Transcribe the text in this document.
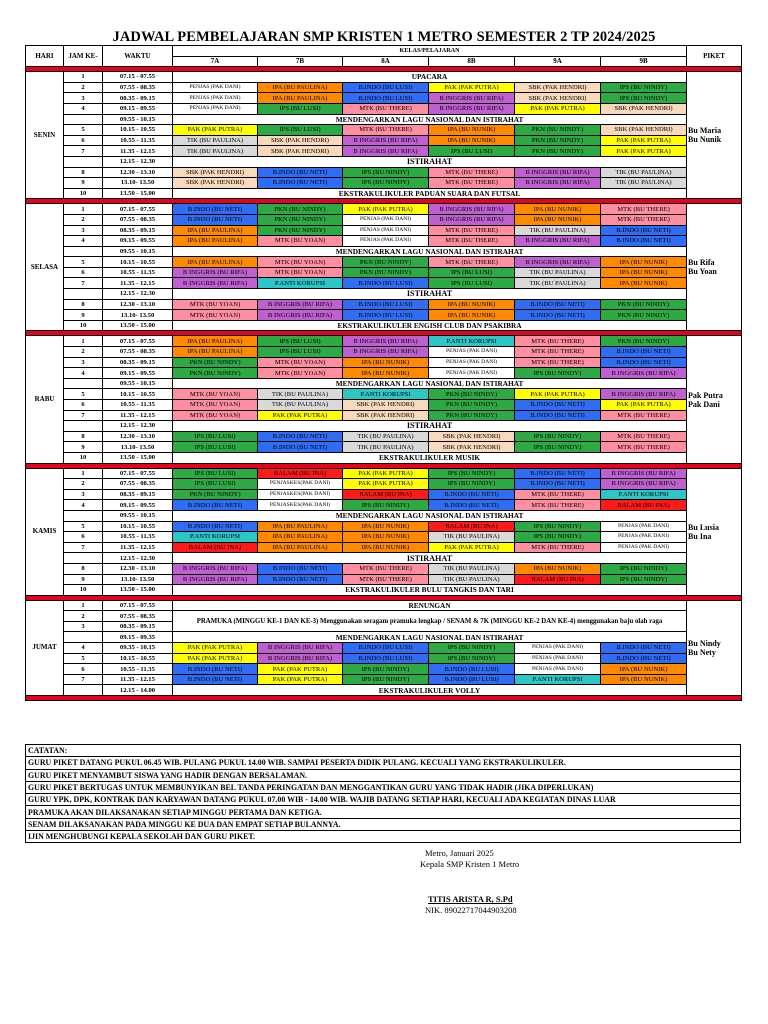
JADWAL PEMBELAJARAN SMP KRISTEN 1 METRO SEMESTER 2 TP 2024/2025
HARI	JAM KE-	WAKTU	KELAS/PELAJARAN						PIKET
			7A	7B	8A	8B	9A	9B	

SENIN	1	07.15 - 07.55	UPACARA						Bu Maria
Bu Nunik

	2	07.55 - 08.35	PENJAS (PAK DANI)	IPA (BU PAULINA)	B.INDO (BU LUSI)	PAK (PAK PUTRA)	SBK (PAK HENDRI)	IPS (BU NINDY)	
	3	08.35 - 09.15	PENJAS (PAK DANI)	IPA (BU PAULINA)	B.INDO (BU LUSI)	B INGGRIS (BU RIFA)	SBK (PAK HENDRI)	IPS (BU NINDY)	
	4	09.15 - 09.55	PENJAS (PAK DANI)	IPS (BU LUSI)	MTK (BU THERE)	B INGGRIS (BU RIFA)	PAK (PAK PUTRA)	SBK (PAK HENDRI)	
		09.55 - 10.15	MENDENGARKAN LAGU NASIONAL DAN ISTIRAHAT						
	5	10.15 - 10.55	PAK (PAK PUTRA)	IPS (BU LUSI)	MTK (BU THERE)	IPA (BU NUNIK)	PKN (BU NINDY)	SBK (PAK HENDRI)	
	6	10.55 - 11.35	TIK (BU PAULINA)	SBK (PAK HENDRI)	B INGGRIS (BU RIFA)	IPA (BU NUNIK)	PKN (BU NINDY)	PAK (PAK PUTRA)	
	7	11.35 - 12.15	TIK (BU PAULINA)	SBK (PAK HENDRI)	B INGGRIS (BU RIFA)	IPS (BU LUSI)	PKN (BU NINDY)	PAK (PAK PUTRA)	
		12.15 - 12.30	ISTIRAHAT						
	8	12.30 - 13.10	SBK (PAK HENDRI)	B.INDO (BU NETI)	IPS (BU NINDY)	MTK (BU THERE)	B INGGRIS (BU RIFA)	TIK (BU PAULINA)	
	9	13.10- 13.50	SBK (PAK HENDRI)	B.INDO (BU NETI)	IPS (BU NINDY)	MTK (BU THERE)	B INGGRIS (BU RIFA)	TIK (BU PAULINA)	
	10	13.50 - 15.00	EKSTRAKULIKULER PADUAN SUARA DAN FUTSAL						

SELASA	1	07.15 - 07.55	B.INDO (BU NETI)	PKN (BU NINDY)	PAK (PAK PUTRA)	B INGGRIS (BU RIFA)	IPA (BU NUNIK)	MTK (BU THERE)	Bu Rifa
Bu Yoan

	2	07.55 - 08.35	B.INDO (BU NETI)	PKN (BU NINDY)	PENJAS (PAK DANI)	B INGGRIS (BU RIFA)	IPA (BU NUNIK)	MTK (BU THERE)	
	3	08.35 - 09.15	IPA (BU PAULINA)	PKN (BU NINDY)	PENJAS (PAK DANI)	MTK (BU THERE)	TIK (BU PAULINA)	B.INDO (BU NETI)	
	4	09.15 - 09.55	IPA (BU PAULINA)	MTK (BU YOAN)	PENJAS (PAK DANI)	MTK (BU THERE)	B INGGRIS (BU RIFA)	B.INDO (BU NETI)	
		09.55 - 10.15	MENDENGARKAN LAGU NASIONAL DAN ISTIRAHAT						
	5	10.15 - 10.55	IPA (BU PAULINA)	MTK (BU YOAN)	PKN (BU NINDY)	MTK (BU THERE)	B INGGRIS (BU RIFA)	IPA (BU NUNIK)	
	6	10.55 - 11.35	B INGGRIS (BU RIFA)	MTK (BU YOAN)	PKN (BU NINDY)	IPS (BU LUSI)	TIK (BU PAULINA)	IPA (BU NUNIK)	
	7	11.35 - 12.15	B INGGRIS (BU RIFA)	P.ANTI KORUPSI	B.INDO (BU LUSI)	IPS (BU LUSI)	TIK (BU PAULINA)	IPA (BU NUNIK)	
		12.15 - 12.30	ISTIRAHAT						
	8	12.30 - 13.10	MTK (BU YOAN)	B INGGRIS (BU RIFA)	B.INDO (BU LUSI)	IPA (BU NUNIK)	B.INDO (BU NETI)	PKN (BU NINDY)	
	9	13.10- 13.50	MTK (BU YOAN)	B INGGRIS (BU RIFA)	B.INDO (BU LUSI)	IPA (BU NUNIK)	B.INDO (BU NETI)	PKN (BU NINDY)	
	10	13.50 - 15.00	EKSTRAKULIKULER ENGISH CLUB DAN PSAKIBRA						

RABU	1	07.15 - 07.55	IPA (BU PAULINA)	IPS (BU LUSI)	B INGGRIS (BU RIFA)	P.ANTI KORUPSI	MTK (BU THERE)	PKN (BU NINDY)	Pak Putra
Pak Dani

	2	07.55 - 08.35	IPA (BU PAULINA)	IPS (BU LUSI)	B INGGRIS (BU RIFA)	PENJAS (PAK DANI)	MTK (BU THERE)	B.INDO (BU NETI)	
	3	08.35 - 09.15	PKN (BU NINDY)	MTK (BU YOAN)	IPA (BU NUNIK)	PENJAS (PAK DANI)	MTK (BU THERE)	B.INDO (BU NETI)	
	4	09.15 - 09.55	PKN (BU NINDY)	MTK (BU YOAN)	IPA (BU NUNIK)	PENJAS (PAK DANI)	IPS (BU NINDY)	B INGGRIS (BU RIFA)	
		09.55 - 10.15	MENDENGARKAN LAGU NASIONAL DAN ISTIRAHAT						
	5	10.15 - 10.55	MTK (BU YOAN)	TIK (BU PAULINA)	P.ANTI KORUPSI	PKN (BU NINDY)	PAK (PAK PUTRA)	B INGGRIS (BU RIFA)	
	6	10.55 - 11.35	MTK (BU YOAN)	TIK (BU PAULINA)	SBK (PAK HENDRI)	PKN (BU NINDY)	B.INDO (BU NETI)	PAK (PAK PUTRA)	
	7	11.35 - 12.15	MTK (BU YOAN)	PAK (PAK PUTRA)	SBK (PAK HENDRI)	PKN (BU NINDY)	B.INDO (BU NETI)	MTK (BU THERE)	
		12.15 - 12.30	ISTIRAHAT						
	8	12.30 - 13.10	IPS (BU LUSI)	B.INDO (BU NETI)	TIK (BU PAULINA)	SBK (PAK HENDRI)	IPS (BU NINDY)	MTK (BU THERE)	
	9	13.10- 13.50	IPS (BU LUSI)	B.INDO (BU NETI)	TIK (BU PAULINA)	SBK (PAK HENDRI)	IPS (BU NINDY)	MTK (BU THERE)	
	10	13.50 - 15.00	EKSTRAKULIKULER MUSIK						

KAMIS	1	07.15 - 07.55	IPS (BU LUSI)	BALAM (BU INA)	PAK (PAK PUTRA)	IPS (BU NINDY)	B.INDO (BU NETI)	B INGGRIS (BU RIFA)	Bu Lusia
Bu Ina

	2	07.55 - 08.35	IPS (BU LUSI)	PENJASKES(PAK DANI)	PAK (PAK PUTRA)	IPS (BU NINDY)	B.INDO (BU NETI)	B INGGRIS (BU RIFA)	
	3	08.35 - 09.15	PKN (BU NINDY)	PENJASKES(PAK DANI)	BALAM (BU INA)	B.INDO (BU NETI)	MTK (BU THERE)	P.ANTI KORUPSI	
	4	09.15 - 09.55	B.INDO (BU NETI)	PENJASKES(PAK DANI)	IPS (BU NINDY)	B.INDO (BU NETI)	MTK (BU THERE)	BALAM (BU INA)	
		09.55 - 10.15	MENDENGARKAN LAGU NASIONAL DAN ISTIRAHAT						
	5	10.15 - 10.55	B.INDO (BU NETI)	IPA (BU PAULINA)	IPA (BU NUNIK)	BALAM (BU INA)	IPS (BU NINDY)	PENJAS (PAK DANI)	
	6	10.55 - 11.35	P.ANTI KORUPSI	IPA (BU PAULINA)	IPA (BU NUNIK)	TIK (BU PAULINA)	IPS (BU NINDY)	PENJAS (PAK DANI)	
	7	11.35 - 12.15	BALAM (BU INA)	IPA (BU PAULINA)	IPA (BU NUNIK)	PAK (PAK PUTRA)	MTK (BU THERE)	PENJAS (PAK DANI)	
		12.15 - 12.30	ISTIRAHAT						
	8	12.30 - 13.10	B INGGRIS (BU RIFA)	B.INDO (BU NETI)	MTK (BU THERE)	TIK (BU PAULINA)	IPA (BU NUNIK)	IPS (BU NINDY)	
	9	13.10- 13.50	B INGGRIS (BU RIFA)	B.INDO (BU NETI)	MTK (BU THERE)	TIK (BU PAULINA)	BALAM (BU INA)	IPS (BU NINDY)	
	10	13.50 - 15.00	EKSTRAKULIKULER BULU TANGKIS DAN TARI						

JUMAT	1	07.15 - 07.55	RENUNGAN						Bu Nindy
Bu Nety

	2	07.55 - 08.35	PRAMUKA (MINGGU KE-1 DAN KE-3) Menggunakan seragam pramuka lengkap / SENAM & 7K (MINGGU KE-2 DAN KE-4) menggunakan baju olah raga						
	3	08.35 - 09.15							
		09.15 - 09.35	MENDENGARKAN LAGU NASIONAL DAN ISTIRAHAT						
	4	09.35 - 10.15	PAK (PAK PUTRA)	B INGGRIS (BU RIFA)	B.INDO (BU LUSI)	IPS (BU NINDY)	PENJAS (PAK DANI)	B.INDO (BU NETI)	
	5	10.15 - 10.55	PAK (PAK PUTRA)	B INGGRIS (BU RIFA)	B.INDO (BU LUSI)	IPS (BU NINDY)	PENJAS (PAK DANI)	B.INDO (BU NETI)	
	6	10.55 - 11.35	B.INDO (BU NETI)	PAK (PAK PUTRA)	IPS (BU NINDY)	B.INDO (BU LUSI)	PENJAS (PAK DANI)	IPA (BU NUNIK)	
	7	11.35 - 12.15	B.INDO (BU NETI)	PAK (PAK PUTRA)	IPS (BU NINDY)	B.INDO (BU LUSI)	P.ANTI KORUPSI	IPA (BU NUNIK)	
		12.15 - 14.00	EKSTRAKULIKULER VOLLY						

CATATAN:
GURU PIKET DATANG PUKUL 06.45 WIB. PULANG PUKUL 14.00 WIB. SAMPAI PESERTA DIDIK PULANG. KECUALI YANG EKSTRAKULIKULER.
GURU PIKET MENYAMBUT SISWA YANG HADIR DENGAN BERSALAMAN.
GURU PIKET BERTUGAS UNTUK MEMBUNYIKAN BEL TANDA PERINGATAN DAN MENGGANTIKAN GURU YANG TIDAK HADIR (JIKA DIPERLUKAN)
GURU YPK, DPK, KONTRAK DAN KARYAWAN DATANG PUKUL 07.00 WIB - 14.00 WIB. WAJIB DATANG SETIAP HARI, KECUALI ADA KEGIATAN DINAS LUAR
PRAMUKA AKAN DILAKSANAKAN SETIAP MINGGU PERTAMA DAN KETIGA.
SENAM DILAKSANAKAN PADA MINGGU KE DUA DAN EMPAT SETIAP BULANNYA.
IJIN MENGHUBUNGI KEPALA SEKOLAH DAN GURU PIKET.
Metro, Januari 2025
Kepala SMP Kristen 1 Metro
TITIS ARISTA R, S.Pd
NIK. 89022717044903208
